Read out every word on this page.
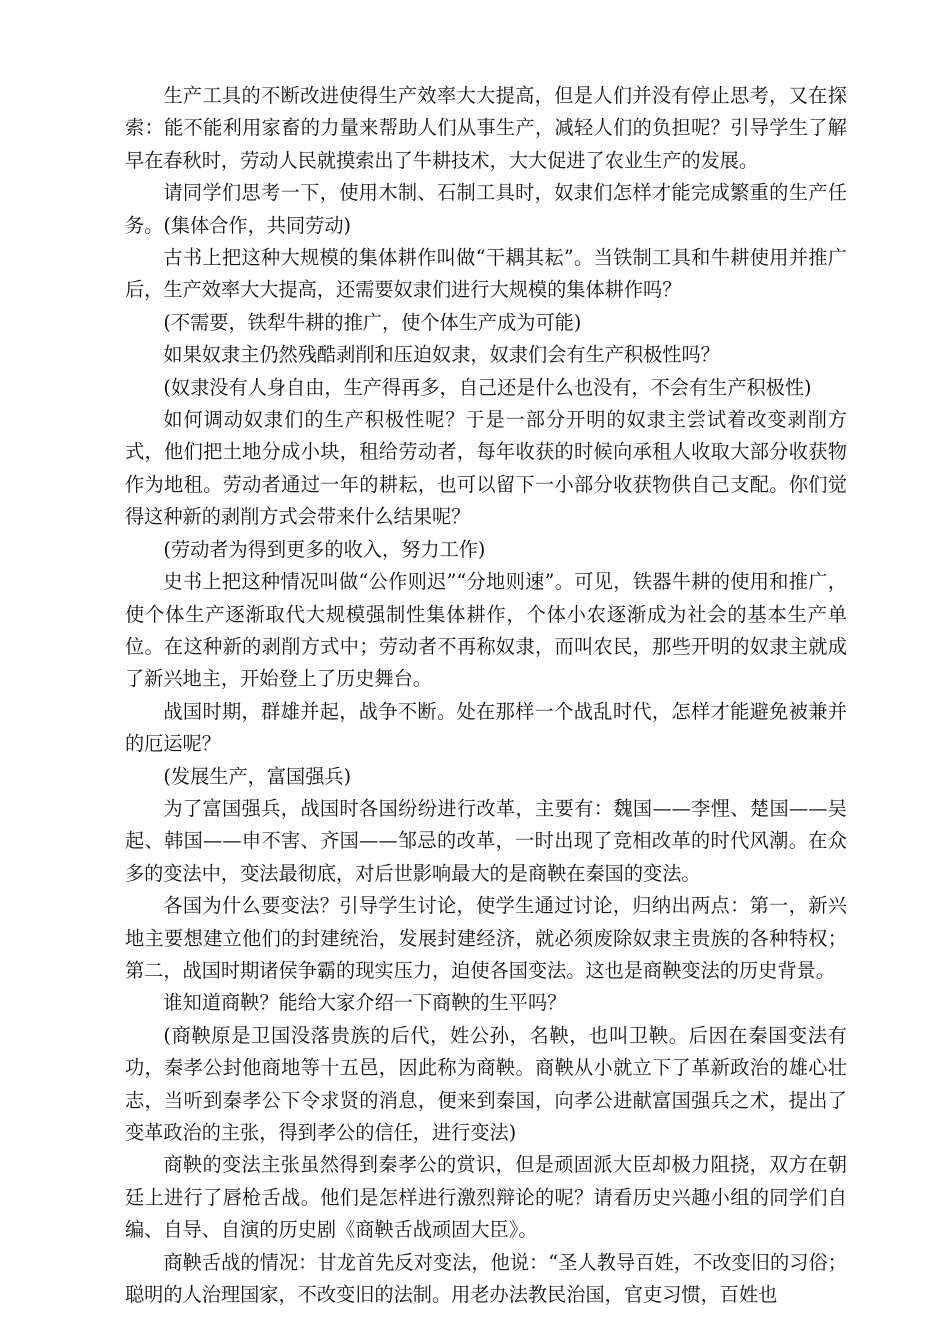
生产工具的不断改进使得生产效率大大提高，但是人们并没有停止思考，又在探索：能不能利用家畜的力量来帮助人们从事生产，减轻人们的负担呢？引导学生了解早在春秋时，劳动人民就摸索出了牛耕技术，大大促进了农业生产的发展。

请同学们思考一下，使用木制、石制工具时，奴隶们怎样才能完成繁重的生产任务。(集体合作，共同劳动)

古书上把这种大规模的集体耕作叫做“干耦其耘”。当铁制工具和牛耕使用并推广后，生产效率大大提高，还需要奴隶们进行大规模的集体耕作吗？

(不需要，铁犁牛耕的推广，使个体生产成为可能)

如果奴隶主仍然残酷剥削和压迫奴隶，奴隶们会有生产积极性吗？

(奴隶没有人身自由，生产得再多，自己还是什么也没有，不会有生产积极性)

如何调动奴隶们的生产积极性呢？于是一部分开明的奴隶主尝试着改变剥削方式，他们把土地分成小块，租给劳动者，每年收获的时候向承租人收取大部分收获物作为地租。劳动者通过一年的耕耘，也可以留下一小部分收获物供自己支配。你们觉得这种新的剥削方式会带来什么结果呢？

(劳动者为得到更多的收入，努力工作)

史书上把这种情况叫做“公作则迟”“分地则速”。可见，铁器牛耕的使用和推广，使个体生产逐渐取代大规模强制性集体耕作，个体小农逐渐成为社会的基本生产单位。在这种新的剥削方式中；劳动者不再称奴隶，而叫农民，那些开明的奴隶主就成了新兴地主，开始登上了历史舞台。

战国时期，群雄并起，战争不断。处在那样一个战乱时代，怎样才能避免被兼并的厄运呢？

(发展生产，富国强兵)

为了富国强兵，战国时各国纷纷进行改革，主要有：魏国——李悝、楚国——吴起、韩国——申不害、齐国——邹忌的改革，一时出现了竞相改革的时代风潮。在众多的变法中，变法最彻底，对后世影响最大的是商鞅在秦国的变法。

各国为什么要变法？引导学生讨论，使学生通过讨论，归纳出两点：第一，新兴地主要想建立他们的封建统治，发展封建经济，就必须废除奴隶主贵族的各种特权；第二，战国时期诸侯争霸的现实压力，迫使各国变法。这也是商鞅变法的历史背景。

谁知道商鞅？能给大家介绍一下商鞅的生平吗？

(商鞅原是卫国没落贵族的后代，姓公孙，名鞅，也叫卫鞅。后因在秦国变法有功，秦孝公封他商地等十五邑，因此称为商鞅。商鞅从小就立下了革新政治的雄心壮志，当听到秦孝公下令求贤的消息，便来到秦国，向孝公进献富国强兵之术，提出了变革政治的主张，得到孝公的信任，进行变法)

商鞅的变法主张虽然得到秦孝公的赏识，但是顽固派大臣却极力阻挠，双方在朝廷上进行了唇枪舌战。他们是怎样进行激烈辩论的呢？请看历史兴趣小组的同学们自编、自导、自演的历史剧《商鞅舌战顽固大臣》。

商鞅舌战的情况：甘龙首先反对变法，他说：“圣人教导百姓，不改变旧的习俗；聪明的人治理国家，不改变旧的法制。用老办法教民治国，官吏习惯，百姓也
